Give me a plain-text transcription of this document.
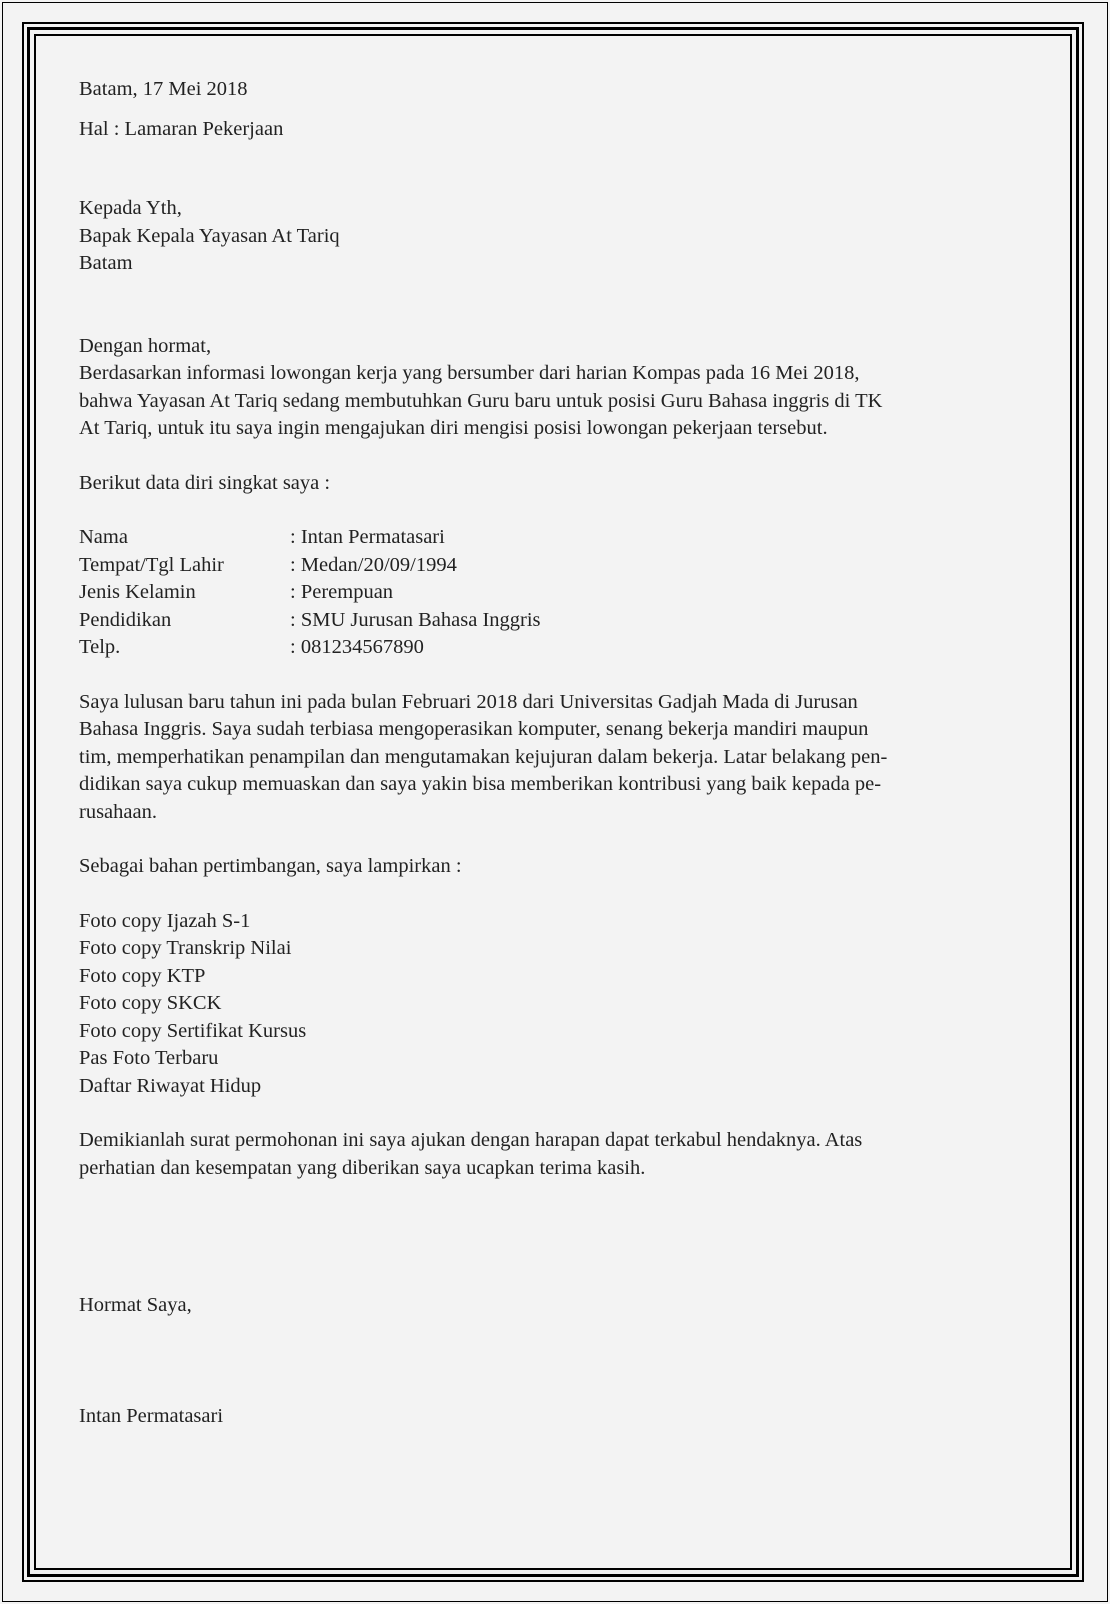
Batam, 17 Mei 2018

Hal : Lamaran Pekerjaan

Kepada Yth,

Bapak Kepala Yayasan At Tariq

Batam

Dengan hormat,

Berdasarkan informasi lowongan kerja yang bersumber dari harian Kompas pada 16 Mei 2018,

bahwa Yayasan At Tariq sedang membutuhkan Guru baru untuk posisi Guru Bahasa inggris di TK

At Tariq, untuk itu saya ingin mengajukan diri mengisi posisi lowongan pekerjaan tersebut.

Berikut data diri singkat saya :

Nama	: Intan Permatasari
Tempat/Tgl Lahir	: Medan/20/09/1994
Jenis Kelamin	: Perempuan
Pendidikan	: SMU Jurusan Bahasa Inggris
Telp.	: 081234567890

Saya lulusan baru tahun ini pada bulan Februari 2018 dari Universitas Gadjah Mada di Jurusan

Bahasa Inggris. Saya sudah terbiasa mengoperasikan komputer, senang bekerja mandiri maupun

tim, memperhatikan penampilan dan mengutamakan kejujuran dalam bekerja. Latar belakang pen-

didikan saya cukup memuaskan dan saya yakin bisa memberikan kontribusi yang baik kepada pe-

rusahaan.

Sebagai bahan pertimbangan, saya lampirkan :

Foto copy Ijazah S-1
Foto copy Transkrip Nilai
Foto copy KTP
Foto copy SKCK
Foto copy Sertifikat Kursus
Pas Foto Terbaru
Daftar Riwayat Hidup

Demikianlah surat permohonan ini saya ajukan dengan harapan dapat terkabul hendaknya. Atas

perhatian dan kesempatan yang diberikan saya ucapkan terima kasih.

Hormat Saya,

Intan Permatasari
